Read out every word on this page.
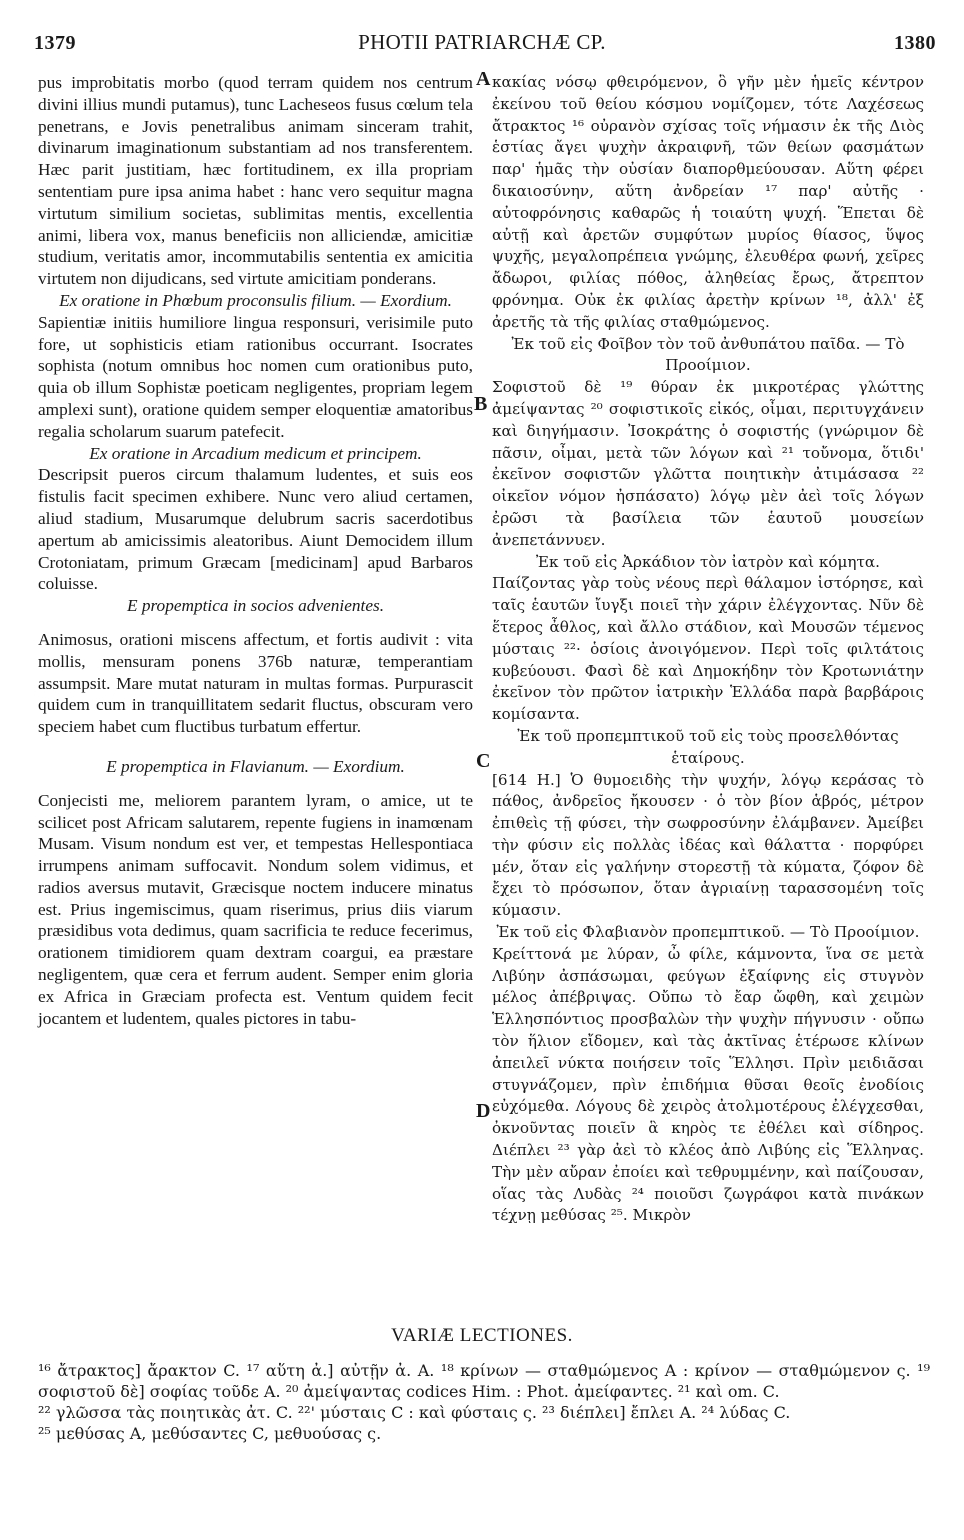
1379	PHOTII PATRIARCHÆ CP.	1380
A
B
C
D

pus improbitatis morbo (quod terram quidem nos centrum divini illius mundi putamus), tunc Lacheseos fusus cœlum tela penetrans, e Jovis penetralibus animam sinceram trahit, divinarum imaginationum substantiam ad nos transferentem. Hæc parit justitiam, hæc fortitudinem, ex illa propriam sententiam pure ipsa anima habet : hanc vero sequitur magna virtutum similium societas, sublimitas mentis, excellentia animi, libera vox, manus beneficiis non alliciendæ, amicitiæ studium, veritatis amor, incommutabilis sententia ex amicitia virtutem non dijudicans, sed virtute amicitiam ponderans.

Ex oratione in Phœbum proconsulis filium. — Exordium.

Sapientiæ initiis humiliore lingua responsuri, verisimile puto fore, ut sophisticis etiam rationibus occurrant. Isocrates sophista (notum omnibus hoc nomen cum orationibus puto, quia ob illum Sophistæ poeticam negligentes, propriam legem amplexi sunt), oratione quidem semper eloquentiæ amatoribus regalia scholarum suarum patefecit.

Ex oratione in Arcadium medicum et principem.

Descripsit pueros circum thalamum ludentes, et suis eos fistulis facit specimen exhibere. Nunc vero aliud certamen, aliud stadium, Musarumque delubrum sacris sacerdotibus apertum ab amicissimis aleatoribus. Aiunt Democidem illum Crotoniatam, primum Græcam [medicinam] apud Barbaros coluisse.

E propemptica in socios advenientes.

Animosus, orationi miscens affectum, et fortis audivit : vita mollis, mensuram ponens 376b naturæ, temperantiam assumpsit. Mare mutat naturam in multas formas. Purpurascit quidem cum in tranquillitatem sedarit fluctus, obscuram vero speciem habet cum fluctibus turbatum effertur.

E propemptica in Flavianum. — Exordium.

Conjecisti me, meliorem parantem lyram, o amice, ut te scilicet post Africam salutarem, repente fugiens in inamœnam Musam. Visum nondum est ver, et tempestas Hellespontiaca irrumpens animam suffocavit. Nondum solem vidimus, et radios aversus mutavit, Græcisque noctem inducere minatus est. Prius ingemiscimus, quam riserimus, prius diis viarum præsidibus vota dedimus, quam sacrificia te reduce fecerimus, orationem timidiorem quam dextram coargui, ea præstare negligentem, quæ cera et ferrum audent. Semper enim gloria ex Africa in Græciam profecta est. Ventum quidem fecit jocantem et ludentem, quales pictores in tabu-

κακίας νόσῳ φθειρόμενον, ὃ γῆν μὲν ἡμεῖς κέντρον ἐκείνου τοῦ θείου κόσμου νομίζομεν, τότε Λαχέσεως ἄτρακτος ¹⁶ οὐρανὸν σχίσας τοῖς νήμασιν ἐκ τῆς Διὸς ἑστίας ἄγει ψυχὴν ἀκραιφνῆ, τῶν θείων φασμάτων παρ' ἡμᾶς τὴν οὐσίαν διαπορθμεύουσαν. Αὕτη φέρει δικαιοσύνην, αὕτη ἀνδρείαν ¹⁷ παρ' αὐτῆς · αὐτοφρόνησις καθαρῶς ἡ τοιαύτη ψυχή. Ἕπεται δὲ αὐτῇ καὶ ἀρετῶν συμφύτων μυρίος θίασος, ὕψος ψυχῆς, μεγαλοπρέπεια γνώμης, ἐλευθέρα φωνή, χεῖρες ἄδωροι, φιλίας πόθος, ἀληθείας ἔρως, ἄτρεπτον φρόνημα. Οὐκ ἐκ φιλίας ἀρετὴν κρίνων ¹⁸, ἀλλ' ἐξ ἀρετῆς τὰ τῆς φιλίας σταθμώμενος.

Ἐκ τοῦ εἰς Φοῖβον τὸν τοῦ ἀνθυπάτου παῖδα. — Τὸ Προοίμιον.

Σοφιστοῦ δὲ ¹⁹ θύραν ἐκ μικροτέρας γλώττης ἀμείψαντας ²⁰ σοφιστικοῖς εἰκός, οἶμαι, περιτυγχάνειν καὶ διηγήμασιν. Ἰσοκράτης ὁ σοφιστής (γνώριμον δὲ πᾶσιν, οἶμαι, μετὰ τῶν λόγων καὶ ²¹ τοὔνομα, ὅτιδι' ἐκεῖνον σοφιστῶν γλῶττα ποιητικὴν ἀτιμάσασα ²² οἰκεῖον νόμον ἠσπάσατο) λόγῳ μὲν ἀεὶ τοῖς λόγων ἐρῶσι τὰ βασίλεια τῶν ἑαυτοῦ μουσείων ἀνεπετάννυεν.

Ἐκ τοῦ εἰς Ἀρκάδιον τὸν ἰατρὸν καὶ κόμητα.

Παίζοντας γὰρ τοὺς νέους περὶ θάλαμον ἱστόρησε, καὶ ταῖς ἑαυτῶν ἴυγξι ποιεῖ τὴν χάριν ἐλέγχοντας. Νῦν δὲ ἕτερος ἆθλος, καὶ ἄλλο στάδιον, καὶ Μουσῶν τέμενος μύσταις ²²· ὁσίοις ἀνοιγόμενον. Περὶ τοῖς φιλτάτοις κυβεύουσι. Φασὶ δὲ καὶ Δημοκήδην τὸν Κροτωνιάτην ἐκεῖνον τὸν πρῶτον ἰατρικὴν Ἑλλάδα παρὰ βαρβάροις κομίσαντα.

Ἐκ τοῦ προπεμπτικοῦ τοῦ εἰς τοὺς προσελθόντας ἑταίρους.

[614 H.] Ὁ θυμοειδὴς τὴν ψυχήν, λόγῳ κεράσας τὸ πάθος, ἀνδρεῖος ἤκουσεν · ὁ τὸν βίον ἁβρός, μέτρον ἐπιθεὶς τῇ φύσει, τὴν σωφροσύνην ἐλάμβανεν. Ἀμείβει τὴν φύσιν εἰς πολλὰς ἰδέας καὶ θάλαττα · πορφύρει μέν, ὅταν εἰς γαλήνην στορεστῇ τὰ κύματα, ζόφον δὲ ἔχει τὸ πρόσωπον, ὅταν ἀγριαίνῃ ταρασσομένη τοῖς κύμασιν.

Ἐκ τοῦ εἰς Φλαβιανὸν προπεμπτικοῦ. — Τὸ Προοίμιον.

Κρείττονά με λύραν, ὦ φίλε, κάμνοντα, ἵνα σε μετὰ Λιβύην ἀσπάσωμαι, φεύγων ἐξαίφνης εἰς στυγνὸν μέλος ἀπέβριψας. Οὔπω τὸ ἔαρ ὤφθη, καὶ χειμὼν Ἑλλησπόντιος προσβαλὼν τὴν ψυχὴν πήγνυσιν · οὔπω τὸν ἥλιον εἴδομεν, καὶ τὰς ἀκτῖνας ἑτέρωσε κλίνων ἀπειλεῖ νύκτα ποιήσειν τοῖς Ἕλλησι. Πρὶν μειδιᾶσαι στυγνάζομεν, πρὶν ἐπιδήμια θῦσαι θεοῖς ἐνοδίοις εὐχόμεθα. Λόγους δὲ χειρὸς ἀτολμοτέρους ἐλέγχεσθαι, ὀκνοῦντας ποιεῖν ἃ κηρὸς τε ἐθέλει καὶ σίδηρος. Διέπλει ²³ γὰρ ἀεὶ τὸ κλέος ἀπὸ Λιβύης εἰς Ἕλληνας. Τὴν μὲν αὔραν ἐποίει καὶ τεθρυμμένην, καὶ παίζουσαν, οἵας τὰς Λυδὰς ²⁴ ποιοῦσι ζωγράφοι κατὰ πινάκων τέχνῃ μεθύσας ²⁵. Μικρὸν

VARIÆ LECTIONES.

¹⁶ ἄτρακτος] ἄρακτον C. ¹⁷ αὕτη ἀ.] αὐτῇν ἀ. A. ¹⁸ κρίνων — σταθμώμενος A : κρίνον — σταθμώμενον ς. ¹⁹ σοφιστοῦ δὲ] σοφίας τοῦδε A. ²⁰ ἀμείψαντας codices Him. : Phot. ἀμείφαντες. ²¹ καὶ om. C.

²² γλῶσσα τὰς ποιητικὰς ἀτ. C. ²²' μύσταις C : καὶ φύσταις ς. ²³ διέπλει] ἔπλει A. ²⁴ λύδας C.

²⁵ μεθύσας A, μεθύσαντες C, μεθυούσας ς.
